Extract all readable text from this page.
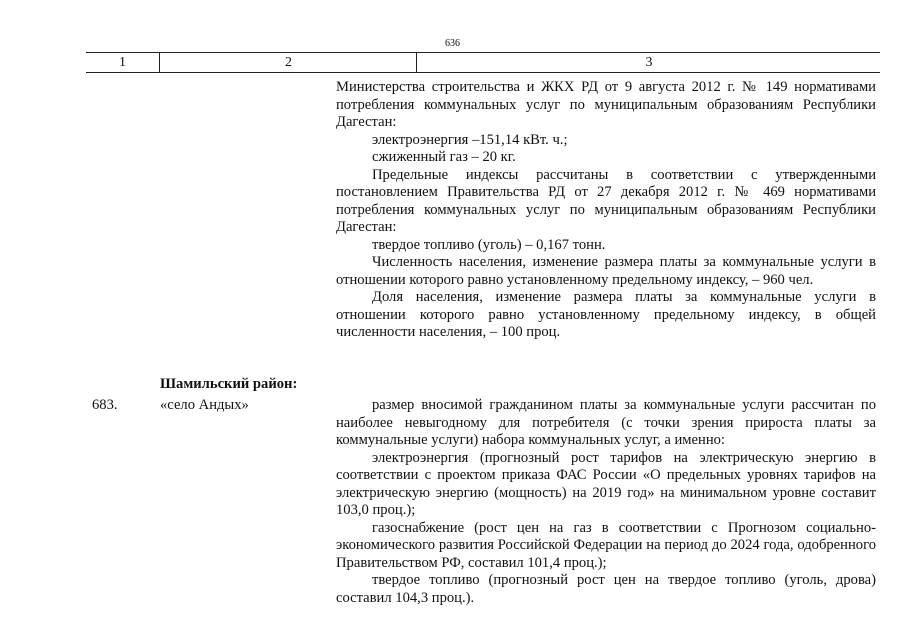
636
1	2	3

Министерства строительства и ЖКХ РД от 9 августа 2012 г. № 149 нормативами потребления коммунальных услуг по муниципальным образованиям Республики Дагестан:

электроэнергия –151,14 кВт. ч.;

сжиженный газ – 20 кг.

Предельные индексы рассчитаны в соответствии с утвержденными постановлением Правительства РД от 27 декабря 2012 г. № 469 нормативами потребления коммунальных услуг по муниципальным образованиям Республики Дагестан:

твердое топливо (уголь) – 0,167 тонн.

Численность населения, изменение размера платы за коммунальные услуги в отношении которого равно установленному предельному индексу, – 960 чел.

Доля населения, изменение размера платы за коммунальные услуги в отношении которого равно установленному предельному индексу, в общей численности населения, – 100 проц.

Шамильский район:
683.	«село Андых»	размер вносимой гражданином платы за коммунальные услуги рассчитан по наиболее невыгодному для потребителя (с точки зрения прироста платы за коммунальные услуги) набора коммунальных услуг, а именно:

электроэнергия (прогнозный рост тарифов на электрическую энергию в соответствии с проектом приказа ФАС России «О предельных уровнях тарифов на электрическую энергию (мощность) на 2019 год» на минимальном уровне составит 103,0 проц.);

газоснабжение (рост цен на газ в соответствии с Прогнозом социально-экономического развития Российской Федерации на период до 2024 года, одобренного Правительством РФ, составил 101,4 проц.);

твердое топливо (прогнозный рост цен на твердое топливо (уголь, дрова) составил 104,3 проц.).
